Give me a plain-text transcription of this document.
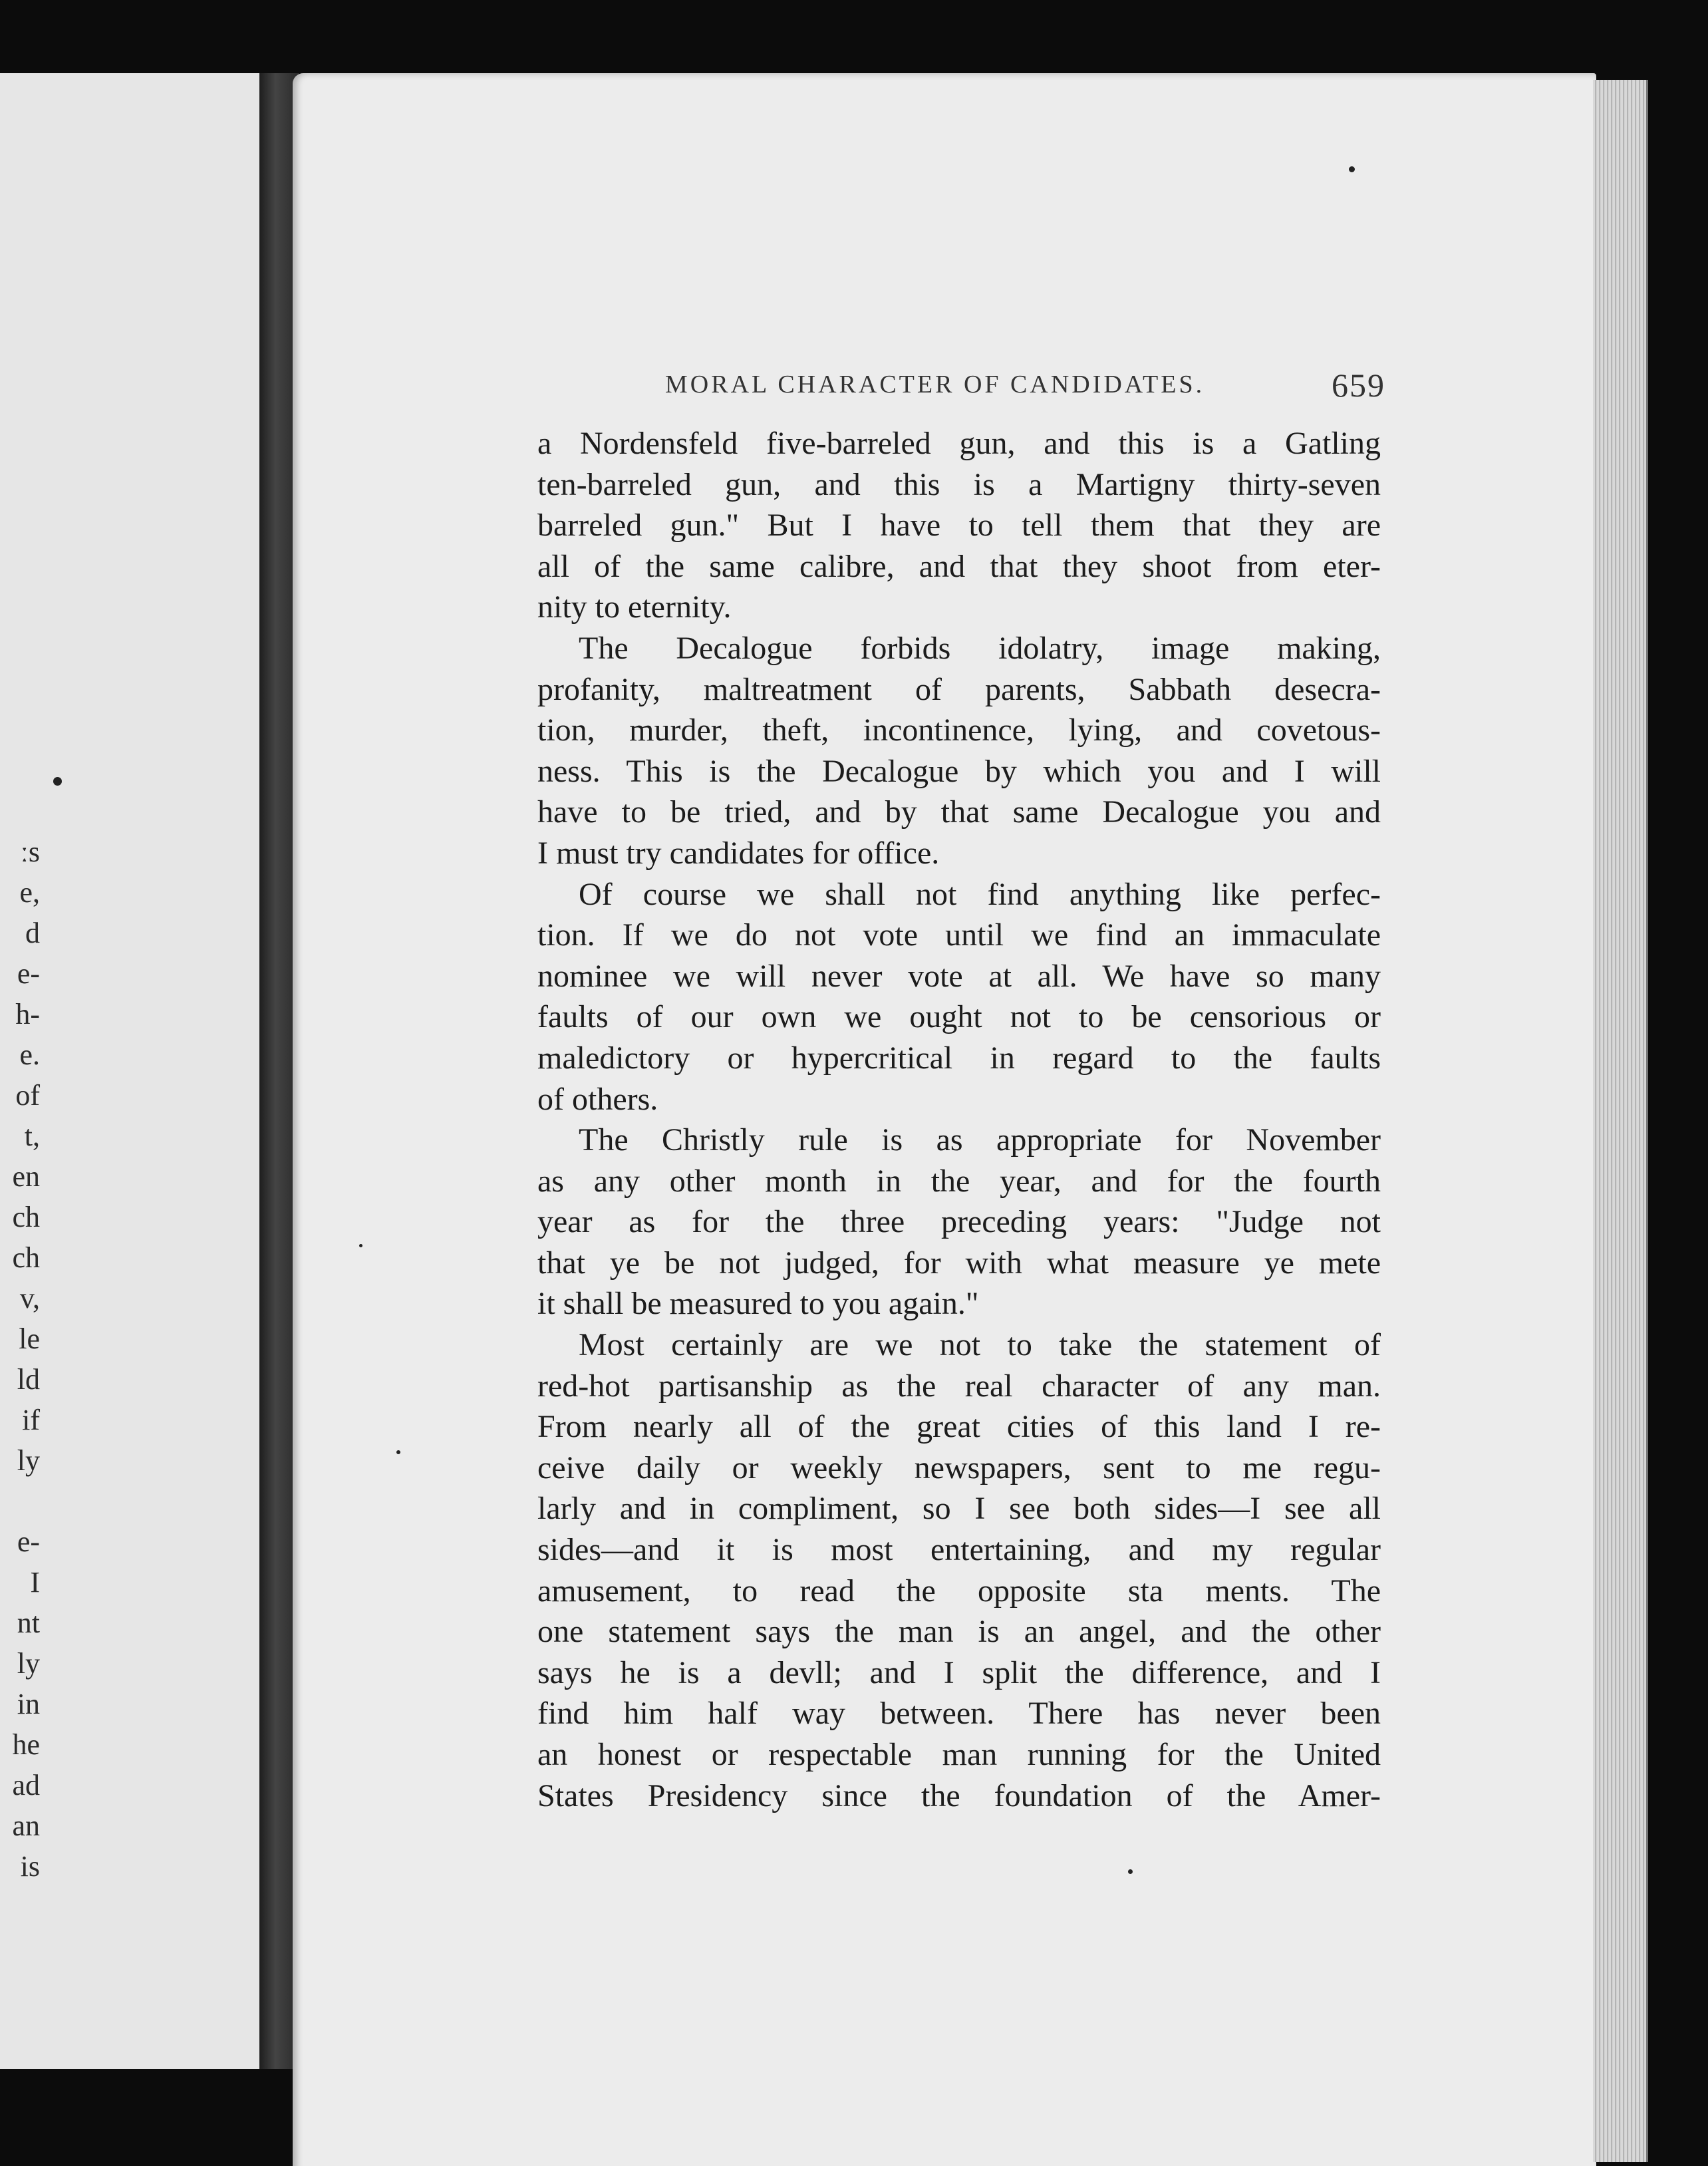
ːs
e,
d
e-
h-
e.
of
t,
en
ch
ch
v,
le
ld
if
ly
e-
I
nt
ly
in
he
ad
an
is
MORAL CHARACTER OF CANDIDATES.	659
a Nordensfeld five-barreled gun, and this is a Gatling
ten-barreled gun, and this is a Martigny thirty-seven
barreled gun." But I have to tell them that they are
all of the same calibre, and that they shoot from eter-
nity to eternity.
The Decalogue forbids idolatry, image making,
profanity, maltreatment of parents, Sabbath desecra-
tion, murder, theft, incontinence, lying, and covetous-
ness. This is the Decalogue by which you and I will
have to be tried, and by that same Decalogue you and
I must try candidates for office.
Of course we shall not find anything like perfec-
tion. If we do not vote until we find an immaculate
nominee we will never vote at all. We have so many
faults of our own we ought not to be censorious or
maledictory or hypercritical in regard to the faults
of others.
The Christly rule is as appropriate for November
as any other month in the year, and for the fourth
year as for the three preceding years: "Judge not
that ye be not judged, for with what measure ye mete
it shall be measured to you again."
Most certainly are we not to take the statement of
red-hot partisanship as the real character of any man.
From nearly all of the great cities of this land I re-
ceive daily or weekly newspapers, sent to me regu-
larly and in compliment, so I see both sides—I see all
sides—and it is most entertaining, and my regular
amusement, to read the opposite sta ments. The
one statement says the man is an angel, and the other
says he is a devll; and I split the difference, and I
find him half way between. There has never been
an honest or respectable man running for the United
States Presidency since the foundation of the Amer-
